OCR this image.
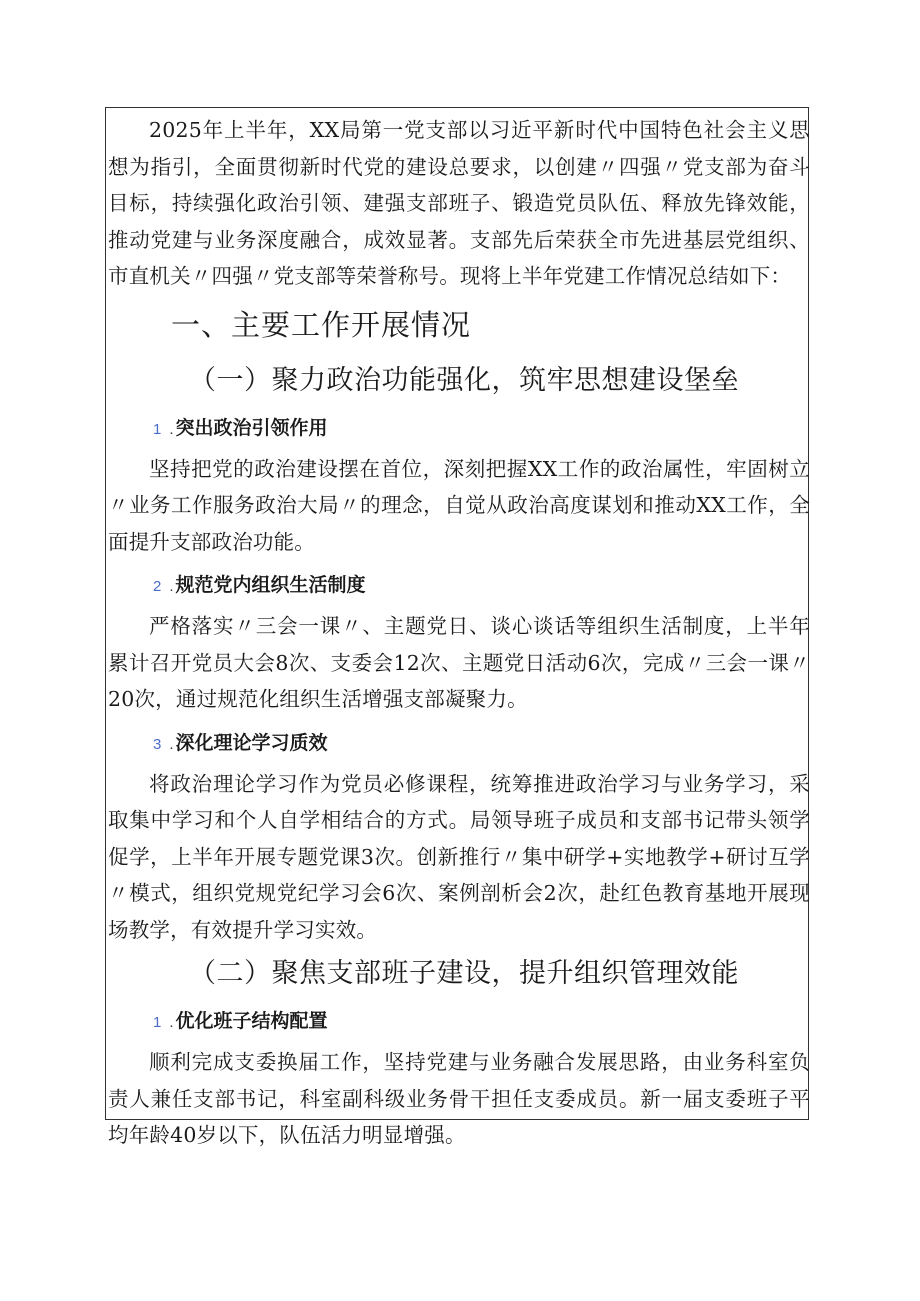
2025年上半年，XX局第一党支部以习近平新时代中国特色社会主义思想为指引，全面贯彻新时代党的建设总要求，以创建〃四强〃党支部为奋斗目标，持续强化政治引领、建强支部班子、锻造党员队伍、释放先锋效能，推动党建与业务深度融合，成效显著。支部先后荣获全市先进基层党组织、市直机关〃四强〃党支部等荣誉称号。现将上半年党建工作情况总结如下：

一、主要工作开展情况
（一）聚力政治功能强化，筑牢思想建设堡垒
1 . 突出政治引领作用

坚持把党的政治建设摆在首位，深刻把握XX工作的政治属性，牢固树立〃业务工作服务政治大局〃的理念，自觉从政治高度谋划和推动XX工作，全面提升支部政治功能。

2 . 规范党内组织生活制度

严格落实〃三会一课〃、主题党日、谈心谈话等组织生活制度，上半年累计召开党员大会8次、支委会12次、主题党日活动6次，完成〃三会一课〃20次，通过规范化组织生活增强支部凝聚力。

3 . 深化理论学习质效

将政治理论学习作为党员必修课程，统筹推进政治学习与业务学习，采取集中学习和个人自学相结合的方式。局领导班子成员和支部书记带头领学促学，上半年开展专题党课3次。创新推行〃集中研学+实地教学+研讨互学〃模式，组织党规党纪学习会6次、案例剖析会2次，赴红色教育基地开展现场教学，有效提升学习实效。

（二）聚焦支部班子建设，提升组织管理效能
1 . 优化班子结构配置

顺利完成支委换届工作，坚持党建与业务融合发展思路，由业务科室负责人兼任支部书记，科室副科级业务骨干担任支委成员。新一届支委班子平均年龄40岁以下，队伍活力明显增强。
